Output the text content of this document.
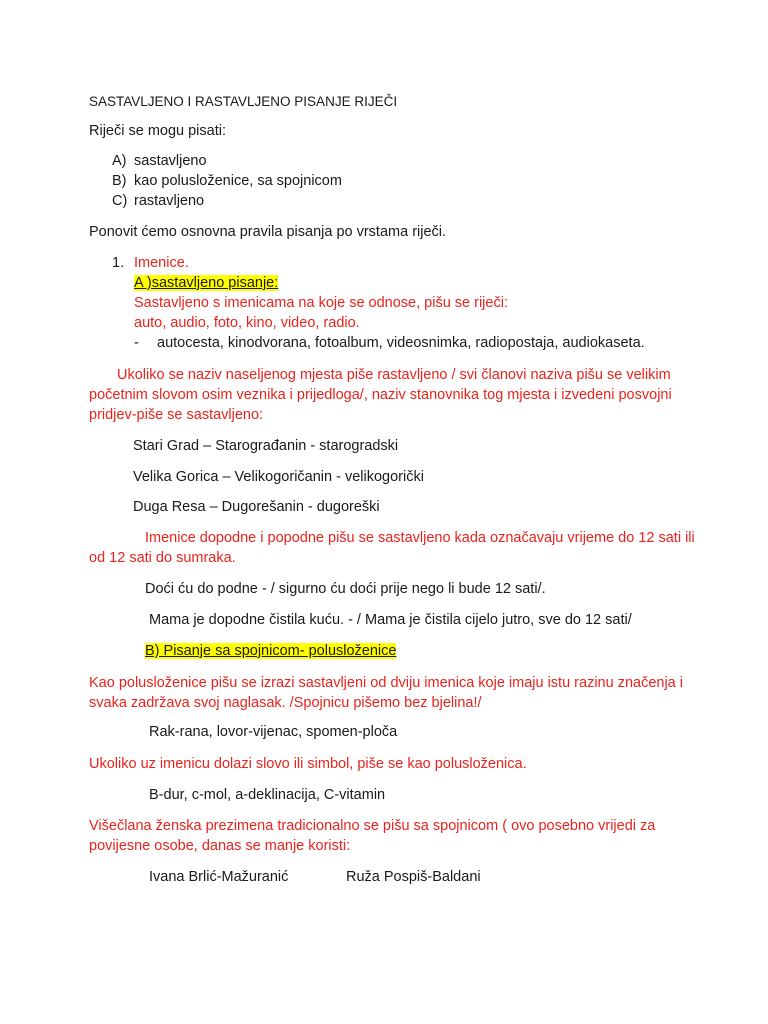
SASTAVLJENO I RASTAVLJENO PISANJE RIJEČI
Riječi se mogu pisati:
A) sastavljeno
B) kao polusloženice, sa spojnicom
C) rastavljeno
Ponovit ćemo osnovna pravila pisanja po vrstama riječi.
1. Imenice.
A )sastavljeno pisanje:
Sastavljeno s imenicama na koje se odnose, pišu se riječi:
auto, audio, foto, kino, video, radio.
- autocesta, kinodvorana, fotoalbum, videosnimka, radiopostaja, audiokaseta.
Ukoliko se naziv naseljenog mjesta piše rastavljeno / svi članovi naziva pišu se velikim
početnim slovom osim veznika i prijedloga/, naziv stanovnika tog mjesta i izvedeni posvojni
pridjev-piše se sastavljeno:
Stari Grad – Starograđanin - starogradski
Velika Gorica – Velikogoričanin - velikogorički
Duga Resa – Dugorešanin - dugoreški
Imenice dopodne i popodne pišu se sastavljeno kada označavaju vrijeme do 12 sati ili
od 12 sati do sumraka.
Doći ću do podne - / sigurno ću doći prije nego li bude 12 sati/.
Mama je dopodne čistila kuću. - / Mama je čistila cijelo jutro, sve do 12 sati/
B) Pisanje sa spojnicom- polusloženice
Kao polusloženice pišu se izrazi sastavljeni od dviju imenica koje imaju istu razinu značenja i
svaka zadržava svoj naglasak. /Spojnicu pišemo bez bjelina!/
Rak-rana, lovor-vijenac, spomen-ploča
Ukoliko uz imenicu dolazi slovo ili simbol, piše se kao polusloženica.
B-dur, c-mol, a-deklinacija, C-vitamin
Višečlana ženska prezimena tradicionalno se pišu sa spojnicom ( ovo posebno vrijedi za
povijesne osobe, danas se manje koristi:
Ivana Brlić-Mažuranić	Ruža Pospiš-Baldani
